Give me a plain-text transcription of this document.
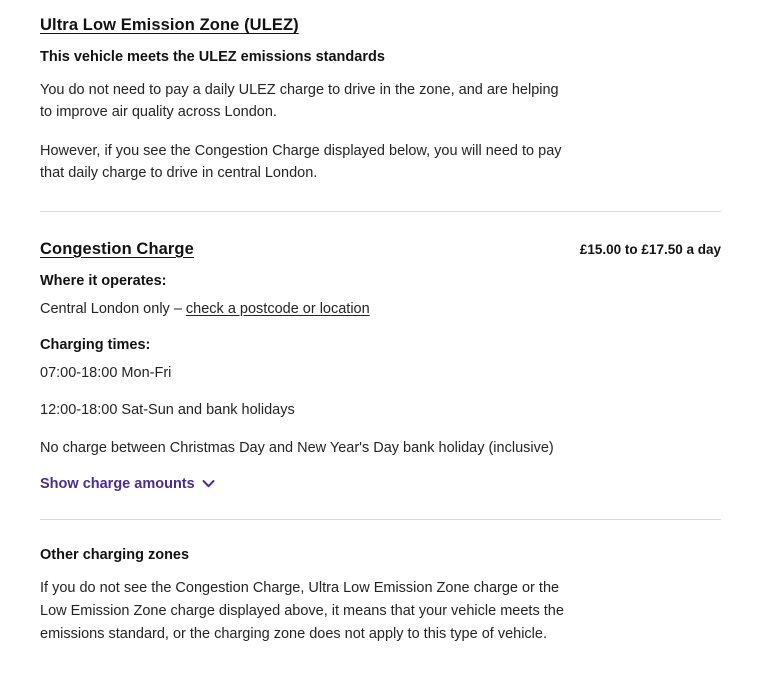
Ultra Low Emission Zone (ULEZ)
This vehicle meets the ULEZ emissions standards

You do not need to pay a daily ULEZ charge to drive in the zone, and are helping to improve air quality across London.

However, if you see the Congestion Charge displayed below, you will need to pay that daily charge to drive in central London.

Congestion Charge	£15.00 to £17.50 a day
Where it operates:
Central London only – check a postcode or location
Charging times:
07:00-18:00 Mon-Fri
12:00-18:00 Sat-Sun and bank holidays
No charge between Christmas Day and New Year's Day bank holiday (inclusive)
Show charge amounts
Other charging zones

If you do not see the Congestion Charge, Ultra Low Emission Zone charge or the Low Emission Zone charge displayed above, it means that your vehicle meets the emissions standard, or the charging zone does not apply to this type of vehicle.
